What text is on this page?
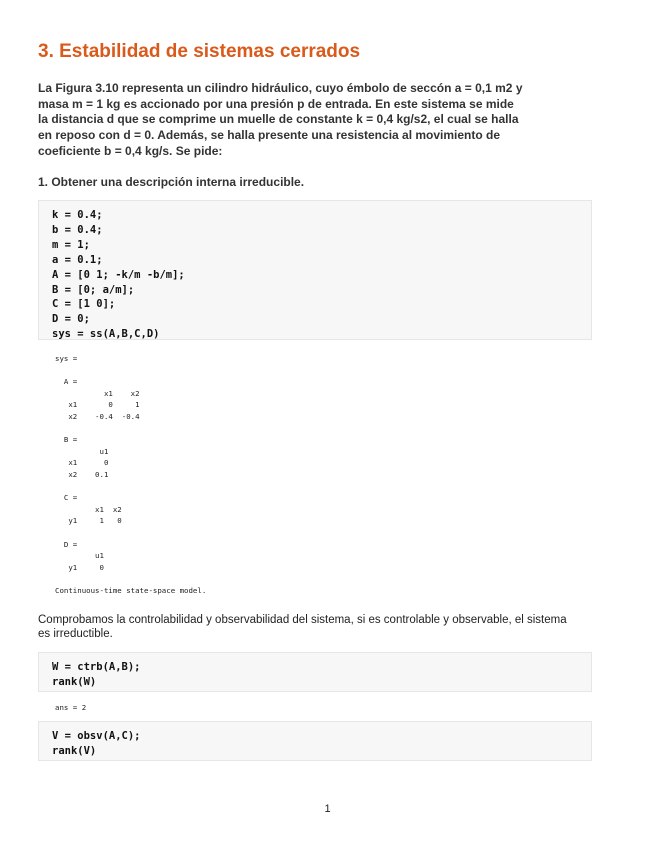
3. Estabilidad de sistemas cerrados
La Figura 3.10 representa un cilindro hidráulico, cuyo émbolo de seccón a = 0,1 m2 y
masa m = 1 kg es accionado por una presión p de entrada. En este sistema se mide
la distancia d que se comprime un muelle de constante k = 0,4 kg/s2, el cual se halla
en reposo con d = 0. Además, se halla presente una resistencia al movimiento de
coeficiente b = 0,4 kg/s. Se pide:
1. Obtener una descripción interna irreducible.
k = 0.4;
b = 0.4;
m = 1;
a = 0.1;
A = [0 1; -k/m -b/m];
B = [0; a/m];
C = [1 0];
D = 0;
sys = ss(A,B,C,D)
sys =
A =
x1    x2
x1       0     1
x2    -0.4  -0.4
B =
u1
x1      0
x2    0.1
C =
x1  x2
y1     1   0
D =
u1
y1     0
Continuous-time state-space model.
Comprobamos la controlabilidad y observabilidad del sistema, si es controlable y observable, el sistema
es irreductible.
W = ctrb(A,B);
rank(W)
ans = 2
V = obsv(A,C);
rank(V)
1
